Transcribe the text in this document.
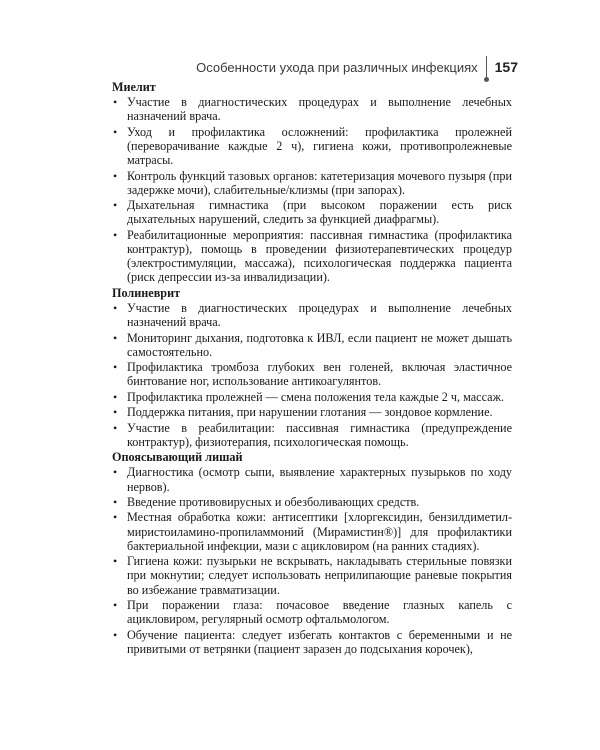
Особенности ухода при различных инфекциях 157
Миелит
• Участие в диагностических процедурах и выполнение лечебных назначений врача.
• Уход и профилактика осложнений: профилактика пролежней (переворачивание каждые 2 ч), гигиена кожи, противопролежневые матрасы.
• Контроль функций тазовых органов: катетеризация мочевого пузыря (при задержке мочи), слабительные/клизмы (при запорах).
• Дыхательная гимнастика (при высоком поражении есть риск дыхательных нарушений, следить за функцией диафрагмы).
• Реабилитационные мероприятия: пассивная гимнастика (профилактика контрактур), помощь в проведении физиотерапевтических процедур (электростимуляции, массажа), психологическая поддержка пациента (риск депрессии из-за инвалидизации).
Полиневрит
• Участие в диагностических процедурах и выполнение лечебных назначений врача.
• Мониторинг дыхания, подготовка к ИВЛ, если пациент не может дышать самостоятельно.
• Профилактика тромбоза глубоких вен голеней, включая эластичное бинтование ног, использование антикоагулянтов.
• Профилактика пролежней — смена положения тела каждые 2 ч, массаж.
• Поддержка питания, при нарушении глотания — зондовое кормление.
• Участие в реабилитации: пассивная гимнастика (предупреждение контрактур), физиотерапия, психологическая помощь.
Опоясывающий лишай
• Диагностика (осмотр сыпи, выявление характерных пузырьков по ходу нервов).
• Введение противовирусных и обезболивающих средств.
• Местная обработка кожи: антисептики [хлоргексидин, бензилдиметил-миристоиламино-пропиламмоний (Мирамистин®)] для профилактики бактериальной инфекции, мази с ацикловиром (на ранних стадиях).
• Гигиена кожи: пузырьки не вскрывать, накладывать стерильные повязки при мокнутии; следует использовать неприлипающие раневые покрытия во избежание травматизации.
• При поражении глаза: почасовое введение глазных капель с ацикловиром, регулярный осмотр офтальмологом.
• Обучение пациента: следует избегать контактов с беременными и не привитыми от ветрянки (пациент заразен до подсыхания корочек),
